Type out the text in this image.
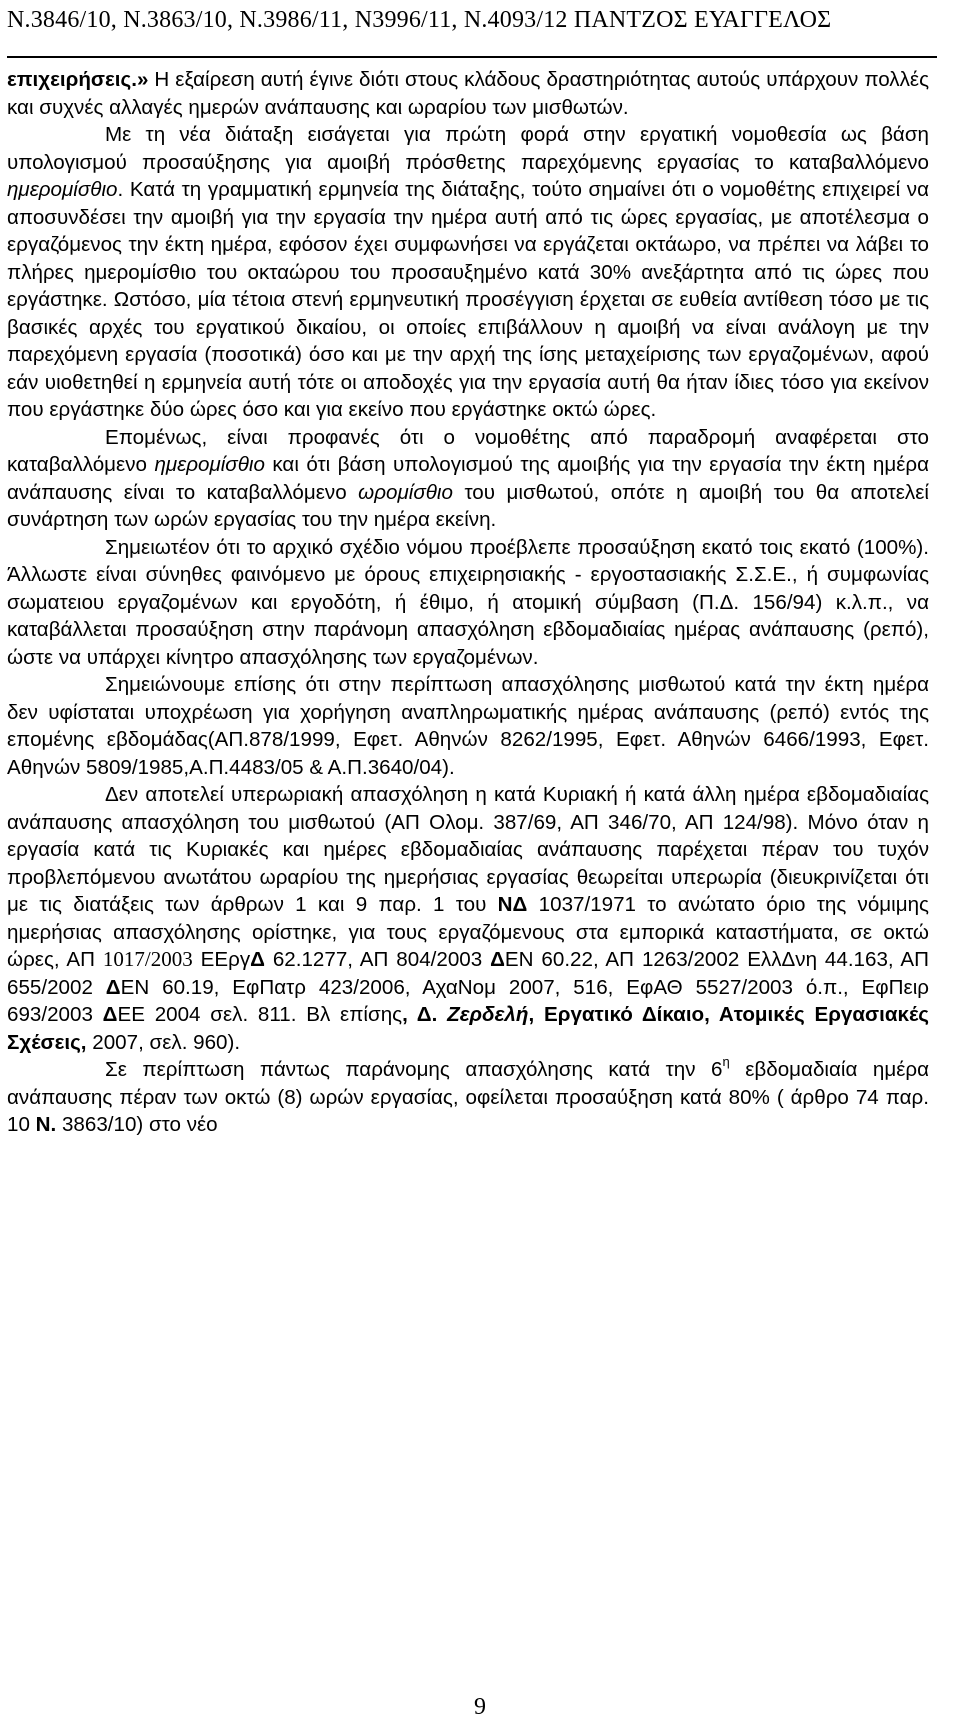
Ν.3846/10, Ν.3863/10, Ν.3986/11, Ν3996/11, Ν.4093/12 ΠΑΝΤΖΟΣ ΕΥΑΓΓΕΛΟΣ

επιχειρήσεις.» Η εξαίρεση αυτή έγινε διότι στους κλάδους δραστηριότητας αυτούς υπάρχουν πολλές και συχνές αλλαγές ημερών ανάπαυσης και ωραρίου των μισθωτών.

Με τη νέα διάταξη εισάγεται για πρώτη φορά στην εργατική νομοθεσία ως βάση υπολογισμού προσαύξησης για αμοιβή πρόσθετης παρεχόμενης εργασίας το καταβαλλόμενο ημερομίσθιο. Κατά τη γραμματική ερμηνεία της διάταξης, τούτο σημαίνει ότι ο νομοθέτης επιχειρεί να αποσυνδέσει την αμοιβή για την εργασία την ημέρα αυτή από τις ώρες εργασίας, με αποτέλεσμα ο εργαζόμενος την έκτη ημέρα, εφόσον έχει συμφωνήσει να εργάζεται οκτάωρο, να πρέπει να λάβει το πλήρες ημερομίσθιο του οκταώρου του προσαυξημένο κατά 30% ανεξάρτητα από τις ώρες που εργάστηκε. Ωστόσο, μία τέτοια στενή ερμηνευτική προσέγγιση έρχεται σε ευθεία αντίθεση τόσο με τις βασικές αρχές του εργατικού δικαίου, οι οποίες επιβάλλουν η αμοιβή να είναι ανάλογη με την παρεχόμενη εργασία (ποσοτικά) όσο και με την αρχή της ίσης μεταχείρισης των εργαζομένων, αφού εάν υιοθετηθεί η ερμηνεία αυτή τότε οι αποδοχές για την εργασία αυτή θα ήταν ίδιες τόσο για εκείνον που εργάστηκε δύο ώρες όσο και για εκείνο που εργάστηκε οκτώ ώρες.

Επομένως, είναι προφανές ότι ο νομοθέτης από παραδρομή αναφέρεται στο καταβαλλόμενο ημερομίσθιο και ότι βάση υπολογισμού της αμοιβής για την εργασία την έκτη ημέρα ανάπαυσης είναι το καταβαλλόμενο ωρομίσθιο του μισθωτού, οπότε η αμοιβή του θα αποτελεί συνάρτηση των ωρών εργασίας του την ημέρα εκείνη.

Σημειωτέον ότι το αρχικό σχέδιο νόμου προέβλεπε προσαύξηση εκατό τοις εκατό (100%). Άλλωστε είναι σύνηθες φαινόμενο με όρους επιχειρησιακής - εργοστασιακής Σ.Σ.Ε., ή συμφωνίας σωματειου εργαζομένων και εργοδότη, ή έθιμο, ή ατομική σύμβαση (Π.Δ. 156/94) κ.λ.π., να καταβάλλεται προσαύξηση στην παράνομη απασχόληση εβδομαδιαίας ημέρας ανάπαυσης (ρεπό), ώστε να υπάρχει κίνητρο απασχόλησης των εργαζομένων.

Σημειώνουμε επίσης ότι στην περίπτωση απασχόλησης μισθωτού κατά την έκτη ημέρα δεν υφίσταται υποχρέωση για χορήγηση αναπληρωματικής ημέρας ανάπαυσης (ρεπό) εντός της επομένης εβδομάδας(ΑΠ.878/1999, Εφετ. Αθηνών 8262/1995, Εφετ. Αθηνών 6466/1993, Εφετ. Αθηνών 5809/1985,Α.Π.4483/05 & Α.Π.3640/04).

Δεν αποτελεί υπερωριακή απασχόληση η κατά Κυριακή ή κατά άλλη ημέρα εβδομαδιαίας ανάπαυσης απασχόληση του μισθωτού (ΑΠ Ολομ. 387/69, ΑΠ 346/70, ΑΠ 124/98). Μόνο όταν η εργασία κατά τις Κυριακές και ημέρες εβδομαδιαίας ανάπαυσης παρέχεται πέραν του τυχόν προβλεπόμενου ανωτάτου ωραρίου της ημερήσιας εργασίας θεωρείται υπερωρία (διευκρινίζεται ότι με τις διατάξεις των άρθρων 1 και 9 παρ. 1 του ΝΔ 1037/1971 το ανώτατο όριο της νόμιμης ημερήσιας απασχόλησης ορίστηκε, για τους εργαζόμενους στα εμπορικά καταστήματα, σε οκτώ ώρες, ΑΠ 1017/2003 ΕΕργΔ 62.1277, ΑΠ 804/2003 ΔΕΝ 60.22, ΑΠ 1263/2002 ΕλλΔνη 44.163, ΑΠ 655/2002 ΔΕΝ 60.19, ΕφΠατρ 423/2006, ΑχαΝομ 2007, 516, ΕφΑΘ 5527/2003 ό.π., ΕφΠειρ 693/2003 ΔΕΕ 2004 σελ. 811. Βλ επίσης, Δ. Ζερδελή, Εργατικό Δίκαιο, Ατομικές Εργασιακές Σχέσεις, 2007, σελ. 960).

Σε περίπτωση πάντως παράνομης απασχόλησης κατά την $6^\eta$ εβδομαδιαία ημέρα ανάπαυσης πέραν των οκτώ (8) ωρών εργασίας, οφείλεται προσαύξηση κατά 80% ( άρθρο 74 παρ. 10 Ν. 3863/10) στο νέο

9
